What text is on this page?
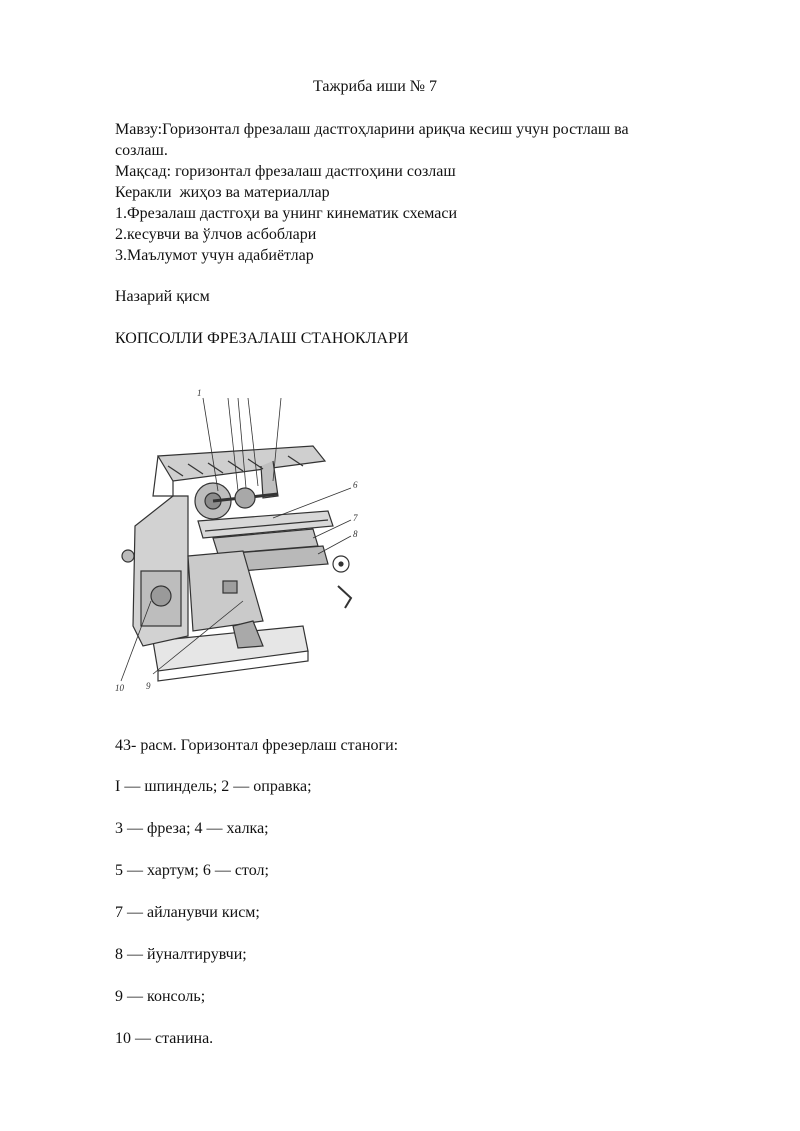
Тажриба иши № 7
Мавзу:Горизонтал фрезалаш дастгоҳларини ариқча кесиш учун ростлаш ва
созлаш.
Мақсад: горизонтал фрезалаш дастгоҳини созлаш
Керакли  жиҳоз ва материаллар
1.Фрезалаш дастгоҳи ва унинг кинематик схемаси
2.кесувчи ва ўлчов асбоблари
3.Маълумот учун адабиётлар
Назарий қисм
КОПСОЛЛИ ФРЕЗАЛАШ СТАНОКЛАРИ
1
6
7
8
10 9
43- расм. Горизонтал фрезерлаш станоги:
I — шпиндель; 2 — оправка;
3 — фреза; 4 — халка;
5 — хартум; 6 — стол;
7 — айланувчи кисм;
8 — йуналтирувчи;
9 — консоль;
10 — станина.
